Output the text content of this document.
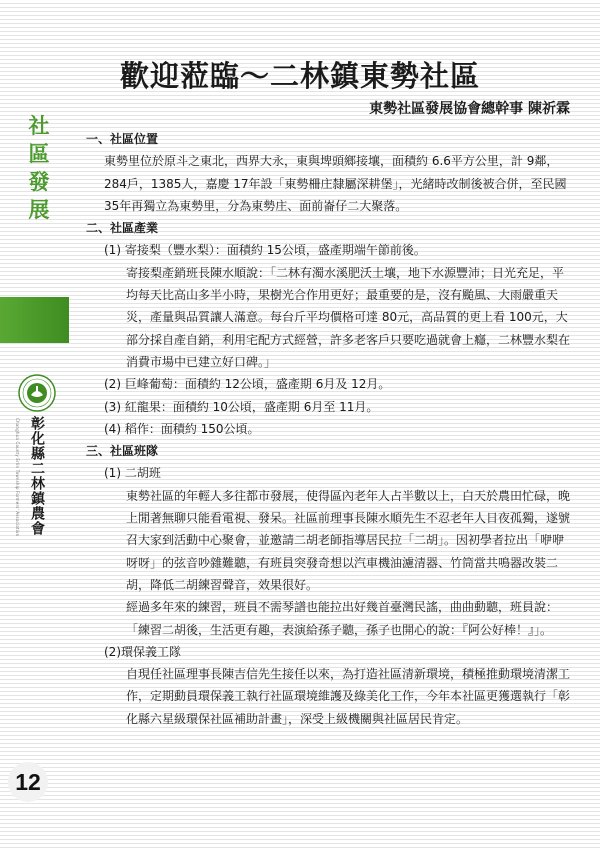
歡迎蒞臨～二林鎮東勢社區
東勢社區發展協會總幹事 陳祈霖
社
區
發
展
Changhua County Erlin Township Farmers' Association 彰化縣二林鎮農會
12

一、社區位置

東勢里位於原斗之東北，西界大永，東與埤頭鄉接壤，面積約 6.6平方公里，計 9鄰，284戶，1385人，嘉慶 17年設「東勢柵庄隸屬深耕堡」，光緒時改制後被合併，至民國 35年再獨立為東勢里，分為東勢庄、面前崙仔二大聚落。

二、社區產業

(1) 寄接梨（豐水梨）：面積約 15公頃，盛產期端午節前後。

寄接梨產銷班長陳水順說：「二林有濁水溪肥沃土壤，地下水源豐沛；日光充足，平均每天比高山多半小時，果樹光合作用更好；最重要的是，沒有颱風、大雨嚴重天災，產量與品質讓人滿意。每台斤平均價格可達 80元，高品質的更上看 100元，大部分採自產自銷，利用宅配方式經營，許多老客戶只要吃過就會上癮，二林豐水梨在消費市場中已建立好口碑。」

(2) 巨峰葡萄：面積約 12公頃，盛產期 6月及 12月。

(3) 紅龍果：面積約 10公頃，盛產期 6月至 11月。

(4) 稻作：面積約 150公頃。

三、社區班隊

(1) 二胡班

東勢社區的年輕人多往都市發展，使得區內老年人占半數以上，白天於農田忙碌，晚上閒著無聊只能看電視、發呆。社區前理事長陳水順先生不忍老年人日夜孤獨，遂號召大家到活動中心聚會，並邀請二胡老師指導居民拉「二胡」。因初學者拉出「咿咿呀呀」的弦音吵雜難聽，有班員突發奇想以汽車機油濾清器、竹筒當共鳴器改裝二胡，降低二胡練習聲音，效果很好。

經過多年來的練習，班員不需琴譜也能拉出好幾首臺灣民謠，曲曲動聽，班員說：「練習二胡後，生活更有趣，表演給孫子聽，孫子也開心的說：『阿公好棒！』」。

(2)環保義工隊

自現任社區理事長陳吉信先生接任以來，為打造社區清新環境，積極推動環境清潔工作，定期動員環保義工執行社區環境維護及綠美化工作，今年本社區更獲選執行「彰化縣六星級環保社區補助計畫」，深受上級機關與社區居民肯定。
